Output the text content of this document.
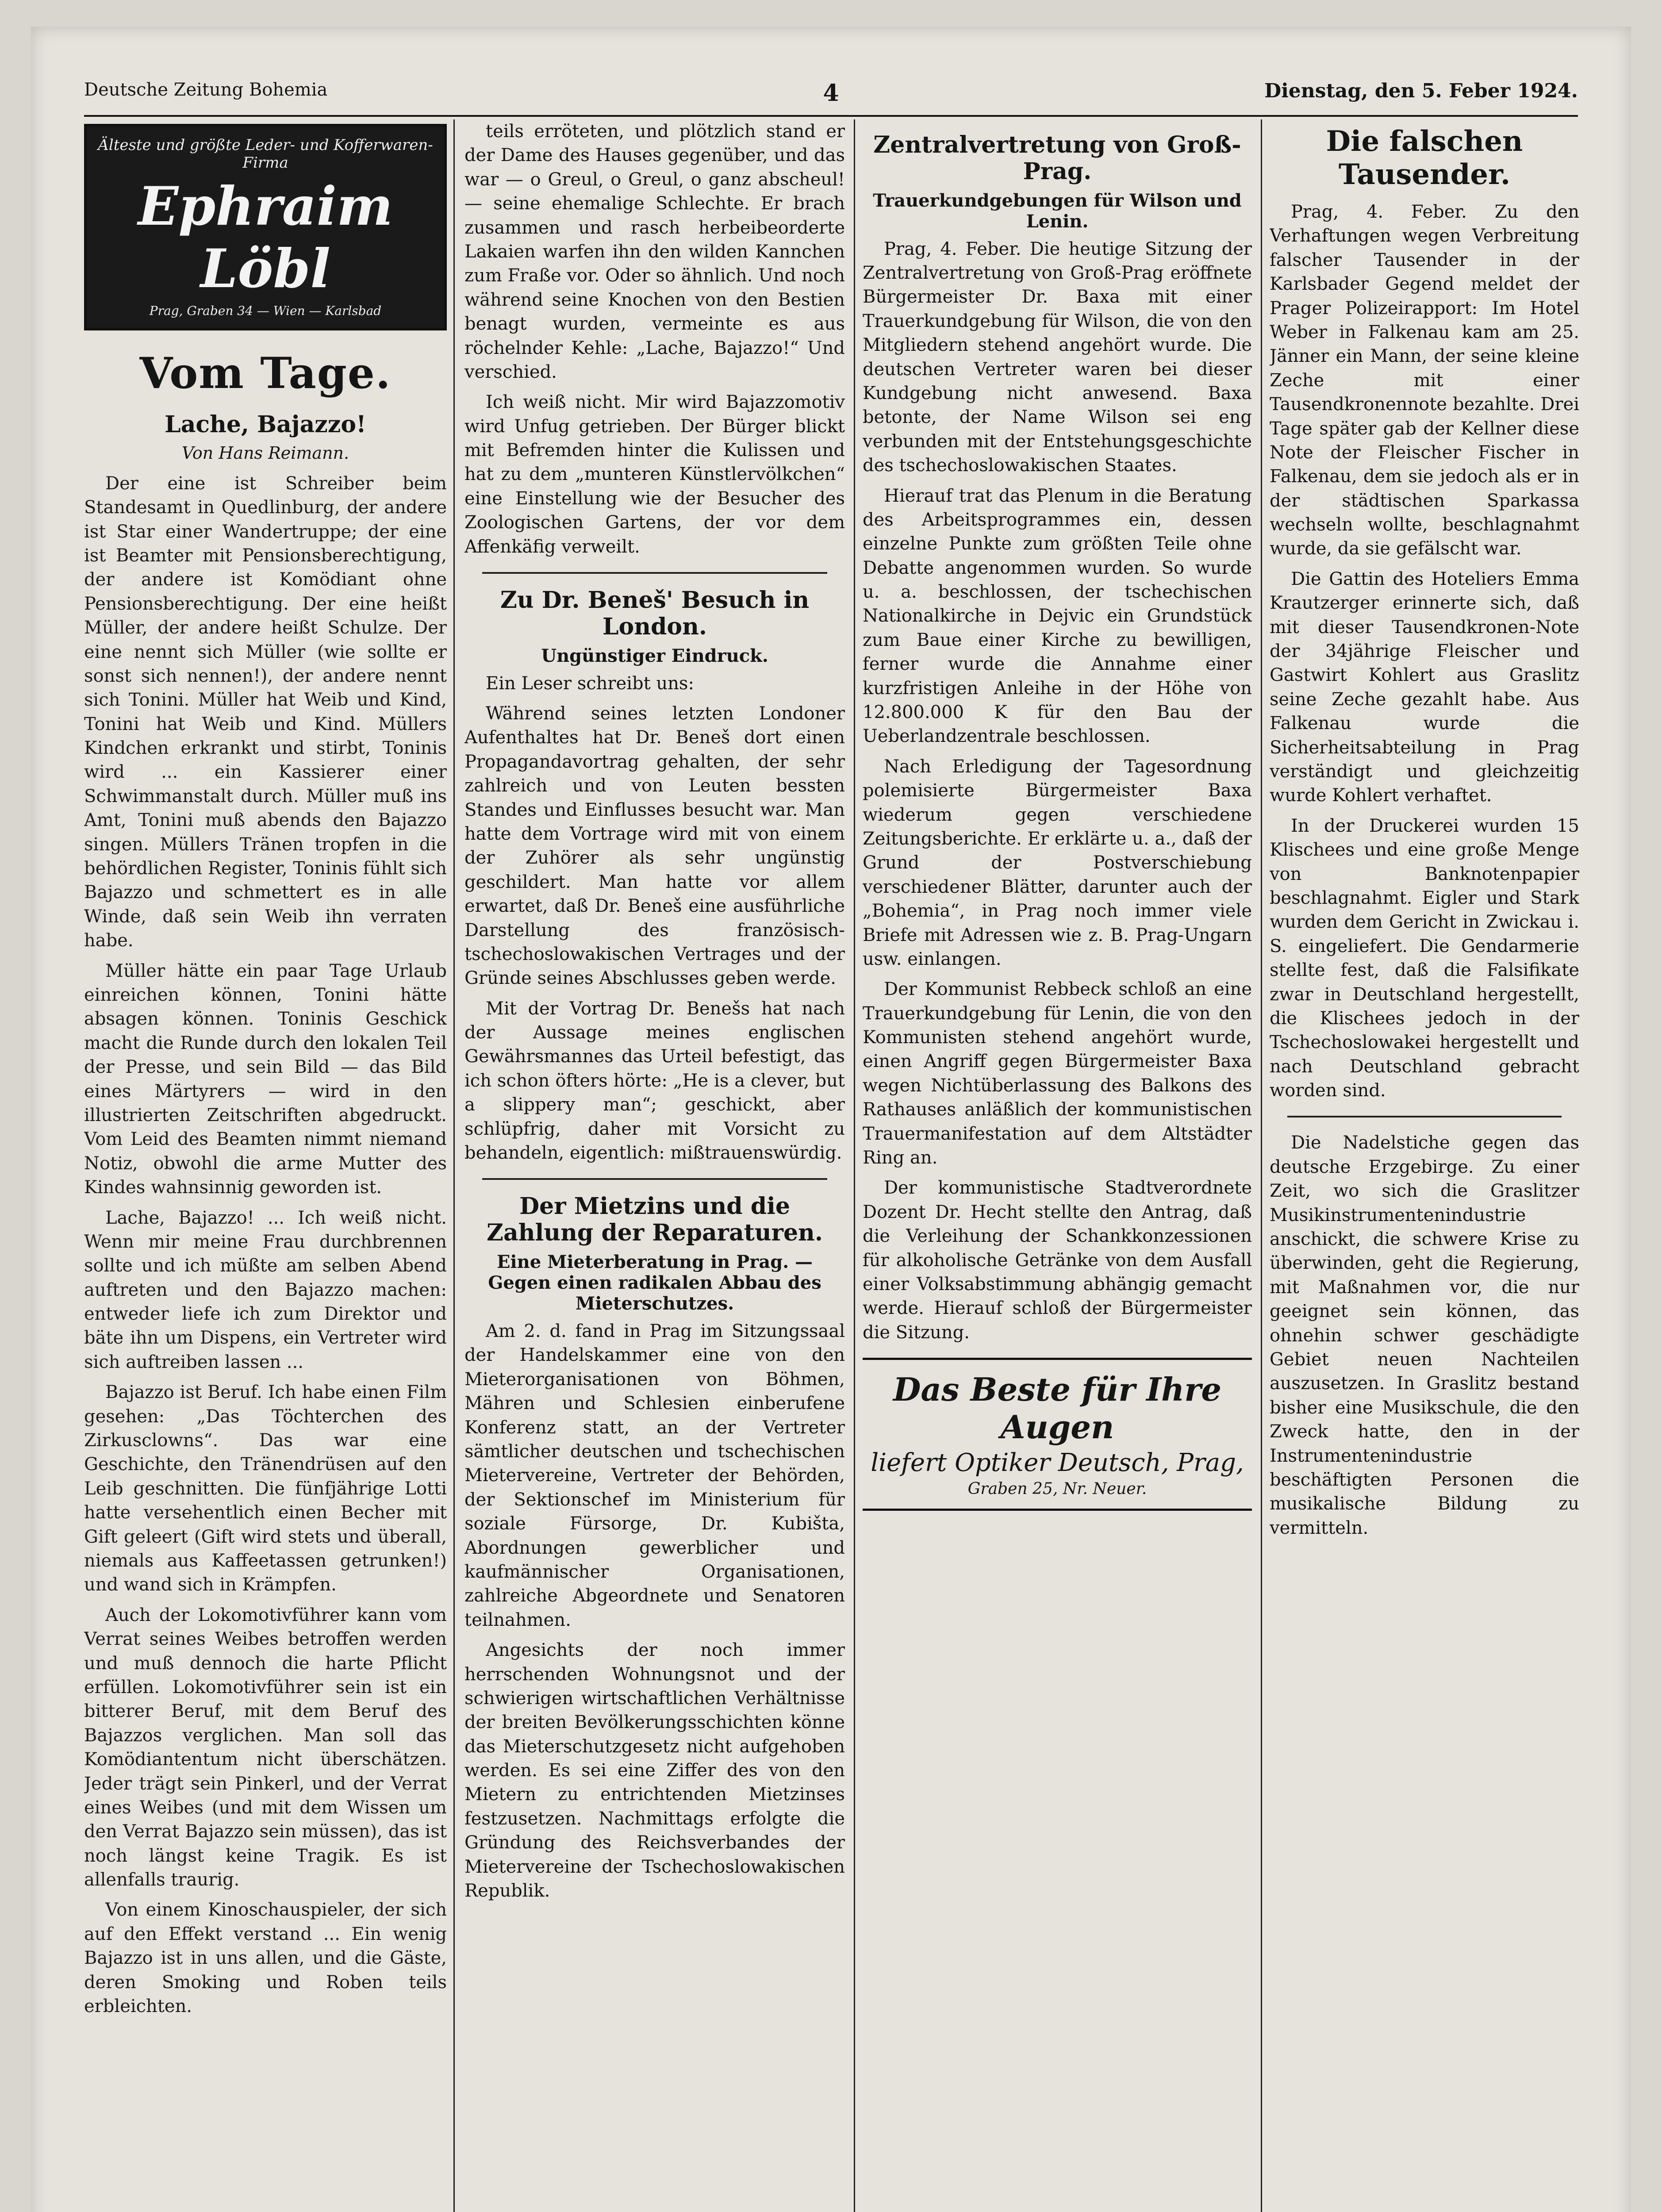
Deutsche Zeitung Bohemia	4	Dienstag, den 5. Feber 1924.
Älteste und größte Leder- und Kofferwaren-Firma
Ephraim Löbl
Prag, Graben 34 — Wien — Karlsbad
Vom Tage.
Lache, Bajazzo!
Von Hans Reimann.

Der eine ist Schreiber beim Standesamt in Quedlinburg, der andere ist Star einer Wandertruppe; der eine ist Beamter mit Pensionsberechtigung, der andere ist Komödiant ohne Pensionsberechtigung. Der eine heißt Müller, der andere heißt Schulze. Der eine nennt sich Müller (wie sollte er sonst sich nennen!), der andere nennt sich Tonini. Müller hat Weib und Kind, Tonini hat Weib und Kind. Müllers Kindchen erkrankt und stirbt, Toninis wird ... ein Kassierer einer Schwimmanstalt durch. Müller muß ins Amt, Tonini muß abends den Bajazzo singen. Müllers Tränen tropfen in die behördlichen Register, Toninis fühlt sich Bajazzo und schmettert es in alle Winde, daß sein Weib ihn verraten habe.

Müller hätte ein paar Tage Urlaub einreichen können, Tonini hätte absagen können. Toninis Geschick macht die Runde durch den lokalen Teil der Presse, und sein Bild — das Bild eines Märtyrers — wird in den illustrierten Zeitschriften abgedruckt. Vom Leid des Beamten nimmt niemand Notiz, obwohl die arme Mutter des Kindes wahnsinnig geworden ist.

Lache, Bajazzo! ... Ich weiß nicht. Wenn mir meine Frau durchbrennen sollte und ich müßte am selben Abend auftreten und den Bajazzo machen: entweder liefe ich zum Direktor und bäte ihn um Dispens, ein Vertreter wird sich auftreiben lassen ...

Bajazzo ist Beruf. Ich habe einen Film gesehen: „Das Töchterchen des Zirkusclowns“. Das war eine Geschichte, den Tränendrüsen auf den Leib geschnitten. Die fünfjährige Lotti hatte versehentlich einen Becher mit Gift geleert (Gift wird stets und überall, niemals aus Kaffeetassen getrunken!) und wand sich in Krämpfen.

Auch der Lokomotivführer kann vom Verrat seines Weibes betroffen werden und muß dennoch die harte Pflicht erfüllen. Lokomotivführer sein ist ein bitterer Beruf, mit dem Beruf des Bajazzos verglichen. Man soll das Komödiantentum nicht überschätzen. Jeder trägt sein Pinkerl, und der Verrat eines Weibes (und mit dem Wissen um den Verrat Bajazzo sein müssen), das ist noch längst keine Tragik. Es ist allenfalls traurig.

Von einem Kinoschauspieler, der sich auf den Effekt verstand ... Ein wenig Bajazzo ist in uns allen, und die Gäste, deren Smoking und Roben teils erbleichten.

teils erröteten, und plötzlich stand er der Dame des Hauses gegenüber, und das war — o Greul, o Greul, o ganz abscheul! — seine ehemalige Schlechte. Er brach zusammen und rasch herbeibeorderte Lakaien warfen ihn den wilden Kannchen zum Fraße vor. Oder so ähnlich. Und noch während seine Knochen von den Bestien benagt wurden, vermeinte es aus röchelnder Kehle: „Lache, Bajazzo!“ Und verschied.

Ich weiß nicht. Mir wird Bajazzomotiv wird Unfug getrieben. Der Bürger blickt mit Befremden hinter die Kulissen und hat zu dem „munteren Künstlervölkchen“ eine Einstellung wie der Besucher des Zoologischen Gartens, der vor dem Affenkäfig verweilt.

Zu Dr. Beneš' Besuch in London.
Ungünstiger Eindruck.

Ein Leser schreibt uns:

Während seines letzten Londoner Aufenthaltes hat Dr. Beneš dort einen Propagandavortrag gehalten, der sehr zahlreich und von Leuten bessten Standes und Einflusses besucht war. Man hatte dem Vortrage wird mit von einem der Zuhörer als sehr ungünstig geschildert. Man hatte vor allem erwartet, daß Dr. Beneš eine ausführliche Darstellung des französisch-tschechoslowakischen Vertrages und der Gründe seines Abschlusses geben werde.

Mit der Vortrag Dr. Benešs hat nach der Aussage meines englischen Gewährsmannes das Urteil befestigt, das ich schon öfters hörte: „He is a clever, but a slippery man“; geschickt, aber schlüpfrig, daher mit Vorsicht zu behandeln, eigentlich: mißtrauenswürdig.

Der Mietzins und die Zahlung der Reparaturen.
Eine Mieterberatung in Prag. — Gegen einen radikalen Abbau des Mieterschutzes.

Am 2. d. fand in Prag im Sitzungssaal der Handelskammer eine von den Mieterorganisationen von Böhmen, Mähren und Schlesien einberufene Konferenz statt, an der Vertreter sämtlicher deutschen und tschechischen Mietervereine, Vertreter der Behörden, der Sektionschef im Ministerium für soziale Fürsorge, Dr. Kubišta, Abordnungen gewerblicher und kaufmännischer Organisationen, zahlreiche Abgeordnete und Senatoren teilnahmen.

Angesichts der noch immer herrschenden Wohnungsnot und der schwierigen wirtschaftlichen Verhältnisse der breiten Bevölkerungsschichten könne das Mieterschutzgesetz nicht aufgehoben werden. Es sei eine Ziffer des von den Mietern zu entrichtenden Mietzinses festzusetzen. Nachmittags erfolgte die Gründung des Reichsverbandes der Mietervereine der Tschechoslowakischen Republik.

Zentralvertretung von Groß-Prag.
Trauerkundgebungen für Wilson und Lenin.

Prag, 4. Feber. Die heutige Sitzung der Zentralvertretung von Groß-Prag eröffnete Bürgermeister Dr. Baxa mit einer Trauerkundgebung für Wilson, die von den Mitgliedern stehend angehört wurde. Die deutschen Vertreter waren bei dieser Kundgebung nicht anwesend. Baxa betonte, der Name Wilson sei eng verbunden mit der Entstehungsgeschichte des tschechoslowakischen Staates.

Hierauf trat das Plenum in die Beratung des Arbeitsprogrammes ein, dessen einzelne Punkte zum größten Teile ohne Debatte angenommen wurden. So wurde u. a. beschlossen, der tschechischen Nationalkirche in Dejvic ein Grundstück zum Baue einer Kirche zu bewilligen, ferner wurde die Annahme einer kurzfristigen Anleihe in der Höhe von 12.800.000 K für den Bau der Ueberlandzentrale beschlossen.

Nach Erledigung der Tagesordnung polemisierte Bürgermeister Baxa wiederum gegen verschiedene Zeitungsberichte. Er erklärte u. a., daß der Grund der Postverschiebung verschiedener Blätter, darunter auch der „Bohemia“, in Prag noch immer viele Briefe mit Adressen wie z. B. Prag-Ungarn usw. einlangen.

Der Kommunist Rebbeck schloß an eine Trauerkundgebung für Lenin, die von den Kommunisten stehend angehört wurde, einen Angriff gegen Bürgermeister Baxa wegen Nichtüberlassung des Balkons des Rathauses anläßlich der kommunistischen Trauermanifestation auf dem Altstädter Ring an.

Der kommunistische Stadtverordnete Dozent Dr. Hecht stellte den Antrag, daß die Verleihung der Schankkonzessionen für alkoholische Getränke von dem Ausfall einer Volksabstimmung abhängig gemacht werde. Hierauf schloß der Bürgermeister die Sitzung.

Das Beste für Ihre Augen
liefert Optiker Deutsch, Prag,
Graben 25, Nr. Neuer.
Die falschen Tausender.

Prag, 4. Feber. Zu den Verhaftungen wegen Verbreitung falscher Tausender in der Karlsbader Gegend meldet der Prager Polizeirapport: Im Hotel Weber in Falkenau kam am 25. Jänner ein Mann, der seine kleine Zeche mit einer Tausendkronennote bezahlte. Drei Tage später gab der Kellner diese Note der Fleischer Fischer in Falkenau, dem sie jedoch als er in der städtischen Sparkassa wechseln wollte, beschlagnahmt wurde, da sie gefälscht war.

Die Gattin des Hoteliers Emma Krautzerger erinnerte sich, daß mit dieser Tausendkronen-Note der 34jährige Fleischer und Gastwirt Kohlert aus Graslitz seine Zeche gezahlt habe. Aus Falkenau wurde die Sicherheitsabteilung in Prag verständigt und gleichzeitig wurde Kohlert verhaftet.

In der Druckerei wurden 15 Klischees und eine große Menge von Banknotenpapier beschlagnahmt. Eigler und Stark wurden dem Gericht in Zwickau i. S. eingeliefert. Die Gendarmerie stellte fest, daß die Falsifikate zwar in Deutschland hergestellt, die Klischees jedoch in der Tschechoslowakei hergestellt und nach Deutschland gebracht worden sind.

Die Nadelstiche gegen das deutsche Erzgebirge. Zu einer Zeit, wo sich die Graslitzer Musikinstrumentenindustrie anschickt, die schwere Krise zu überwinden, geht die Regierung, mit Maßnahmen vor, die nur geeignet sein können, das ohnehin schwer geschädigte Gebiet neuen Nachteilen auszusetzen. In Graslitz bestand bisher eine Musikschule, die den Zweck hatte, den in der Instrumentenindustrie beschäftigten Personen die musikalische Bildung zu vermitteln.
